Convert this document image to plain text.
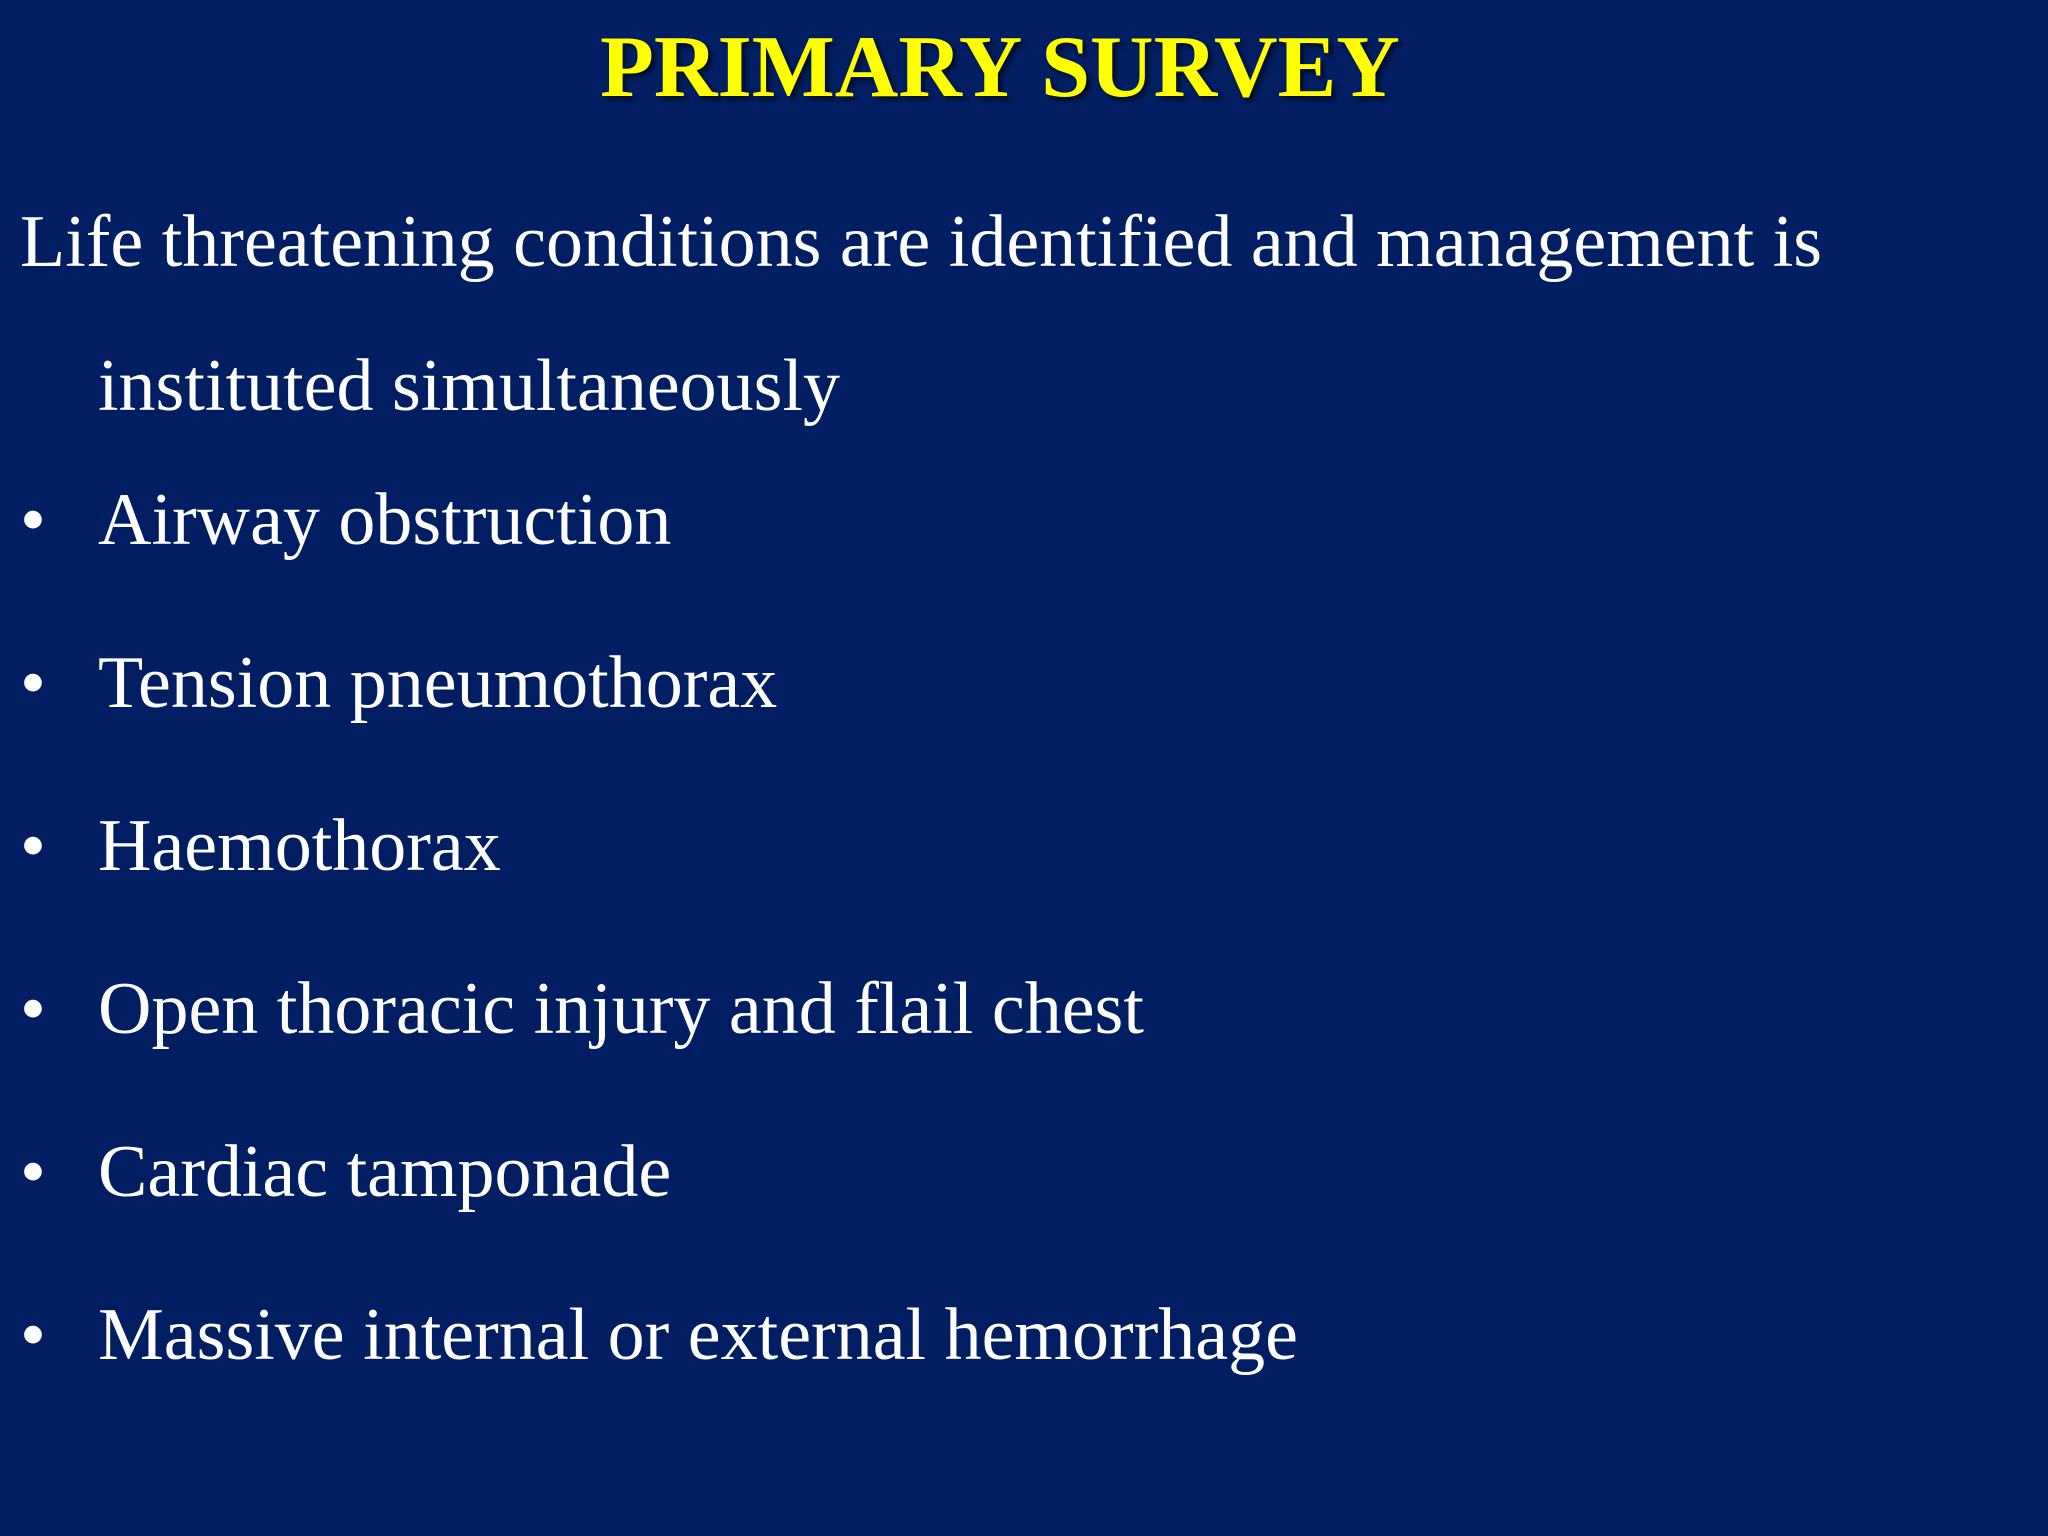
PRIMARY SURVEY

Life threatening conditions are identified and management is instituted simultaneously

• Airway obstruction
• Tension pneumothorax
• Haemothorax
• Open thoracic injury and flail chest
• Cardiac tamponade
• Massive internal or external hemorrhage
